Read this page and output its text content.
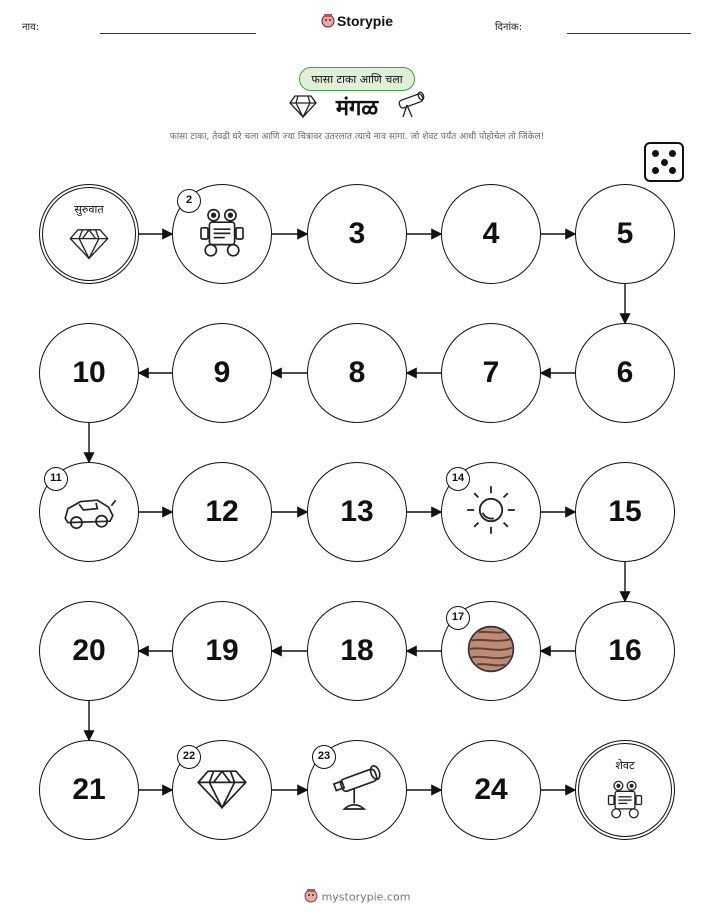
नाव:	Storypie	दिनांक:
फासा टाका आणि चला
मंगळ
फासा टाका, तेवढी घरे चला आणि ज्या चित्रावर उतरलात त्याचे नाव सांगा. जो शेवट पर्यंत आधी पोहोचेल तो जिंकेल!
सुरुवात
2
3	4	5
6
7
8
9
10
11
12	13
14
15
16
17
18
19
20
21
22	23
24
शेवट
mystorypie.com
